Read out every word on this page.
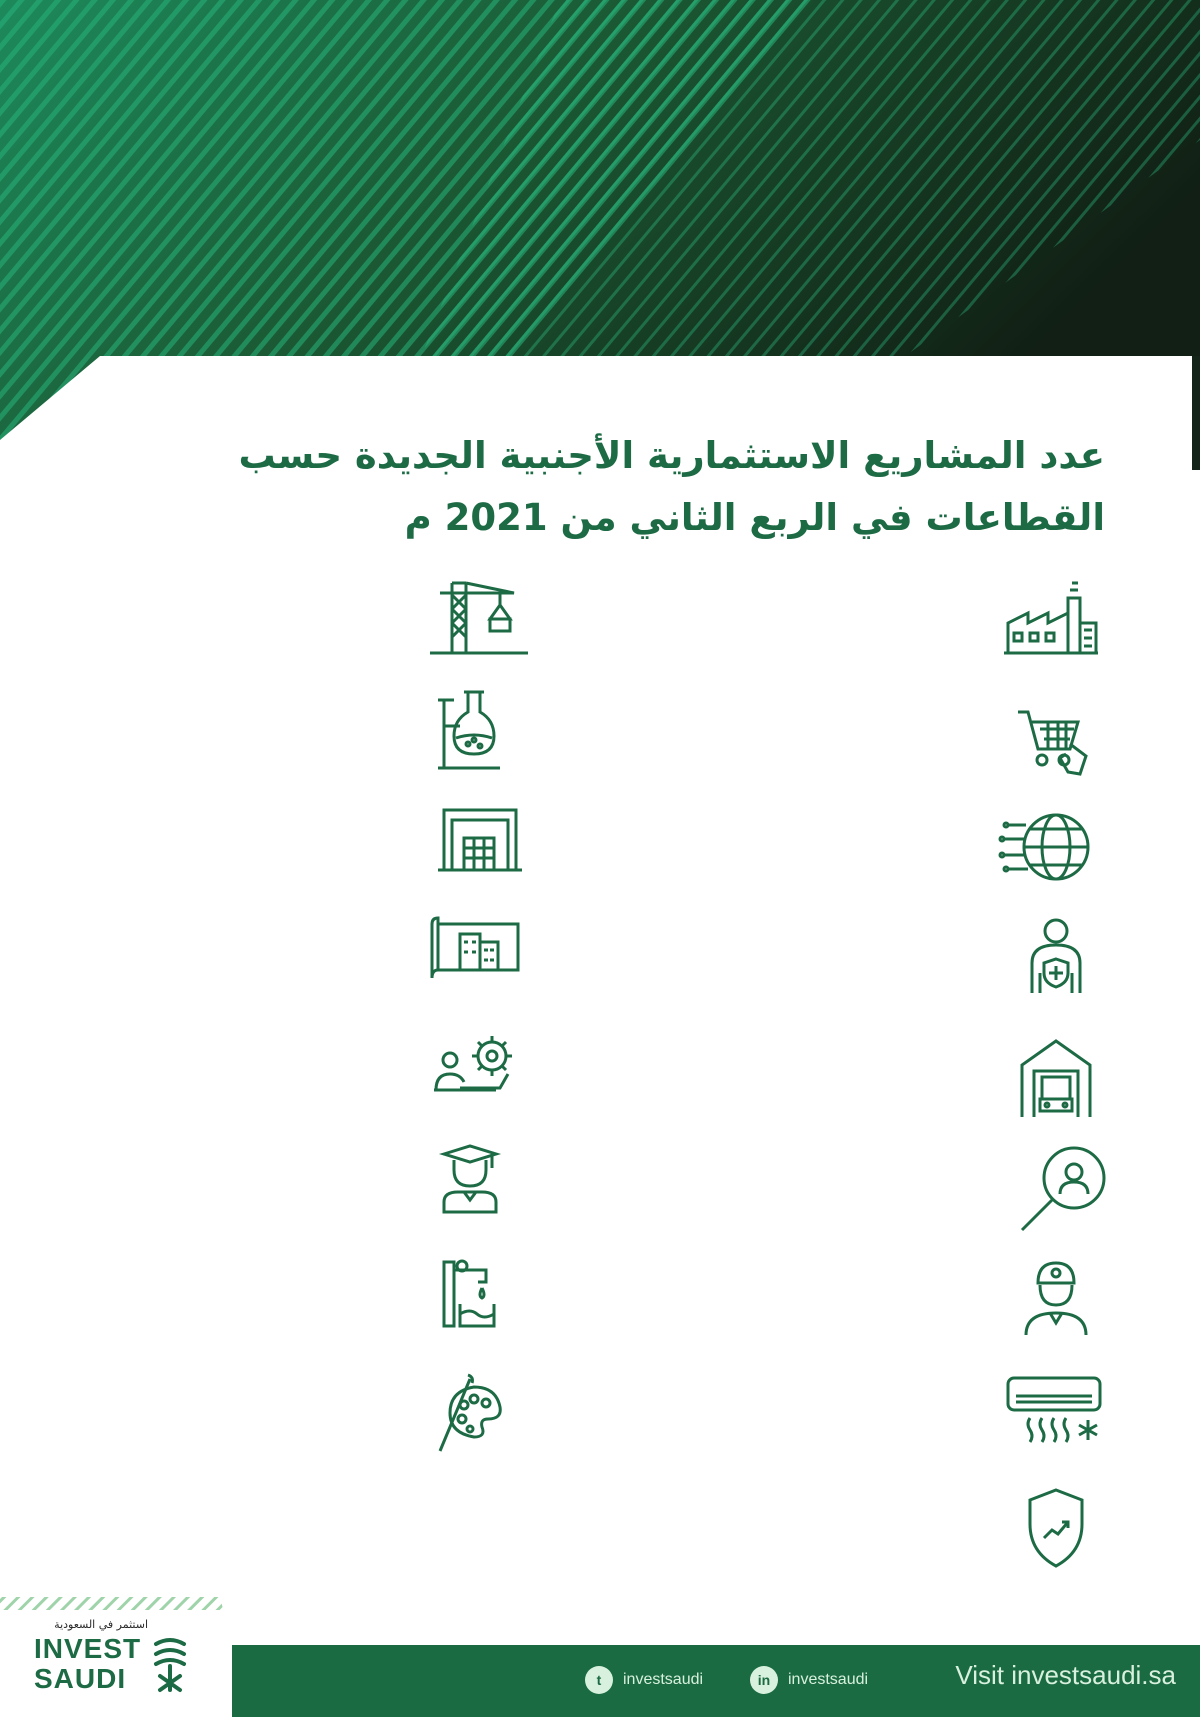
عدد المشاريع الاستثمارية الأجنبية الجديدة حسب
القطاعات في الربع الثاني من 2021 م
استثمر في السعودية
INVEST
SAUDI	t	investsaudi	in	investsaudi	Visit investsaudi.sa
